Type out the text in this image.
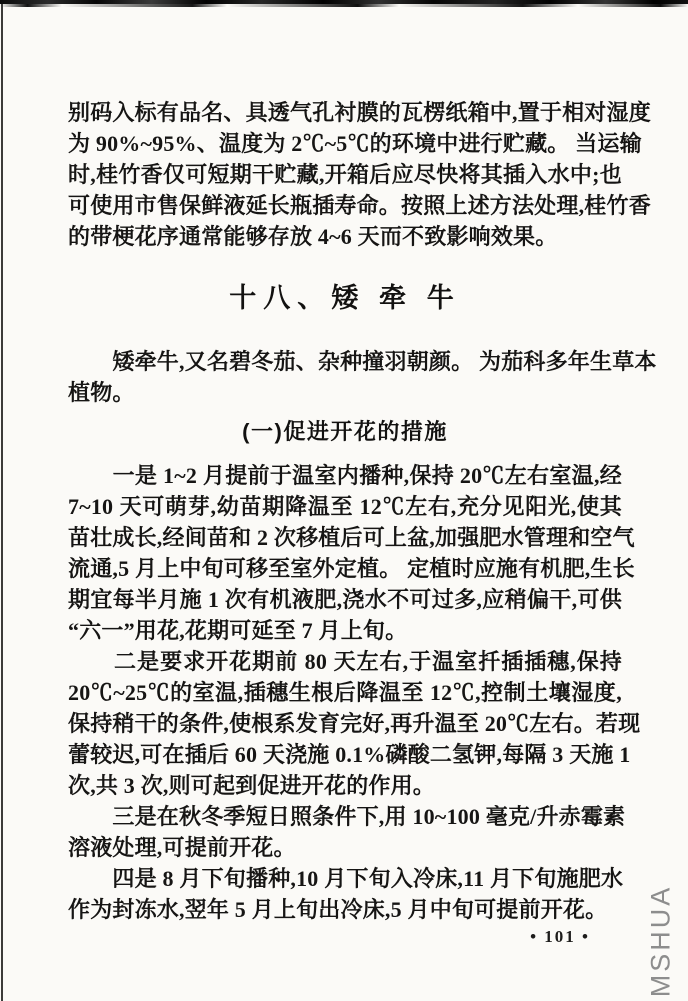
别码入标有品名、具透气孔衬膜的瓦楞纸箱中,置于相对湿度
为 90%~95%、温度为 2℃~5℃的环境中进行贮藏。 当运输
时,桂竹香仅可短期干贮藏,开箱后应尽快将其插入水中;也
可使用市售保鲜液延长瓶插寿命。按照上述方法处理,桂竹香
的带梗花序通常能够存放 4~6 天而不致影响效果。
十八、矮 牵 牛
　　矮牵牛,又名碧冬茄、杂种撞羽朝颜。 为茄科多年生草本
植物。
(一)促进开花的措施
　　一是 1~2 月提前于温室内播种,保持 20℃左右室温,经
7~10 天可萌芽,幼苗期降温至 12℃左右,充分见阳光,使其
苗壮成长,经间苗和 2 次移植后可上盆,加强肥水管理和空气
流通,5 月上中旬可移至室外定植。 定植时应施有机肥,生长
期宜每半月施 1 次有机液肥,浇水不可过多,应稍偏干,可供
“六一”用花,花期可延至 7 月上旬。
　　二是要求开花期前 80 天左右,于温室扦插插穗,保持
20℃~25℃的室温,插穗生根后降温至 12℃,控制土壤湿度,
保持稍干的条件,使根系发育完好,再升温至 20℃左右。若现
蕾较迟,可在插后 60 天浇施 0.1%磷酸二氢钾,每隔 3 天施 1
次,共 3 次,则可起到促进开花的作用。
　　三是在秋冬季短日照条件下,用 10~100 毫克/升赤霉素
溶液处理,可提前开花。
　　四是 8 月下旬播种,10 月下旬入冷床,11 月下旬施肥水
作为封冻水,翌年 5 月上旬出冷床,5 月中旬可提前开花。
• 101 • MSHUA
